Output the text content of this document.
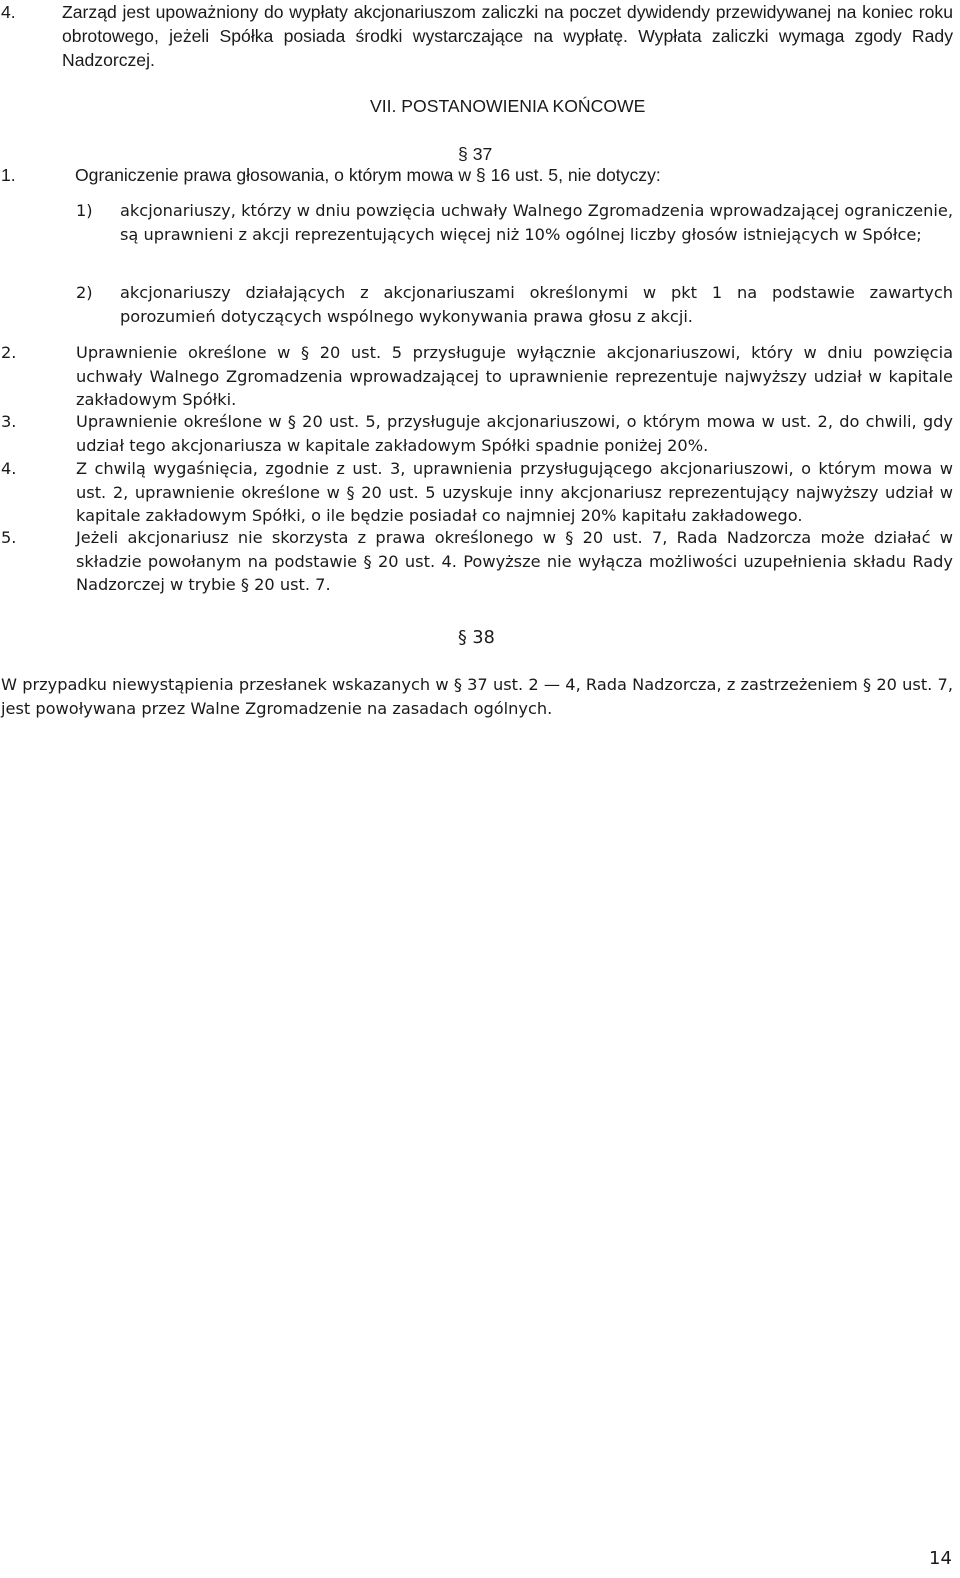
4.	Zarząd jest upoważniony do wypłaty akcjonariuszom zaliczki na poczet dywidendy przewidywanej na koniec roku obrotowego, jeżeli Spółka posiada środki wystarczające na wypłatę. Wypłata zaliczki wymaga zgody Rady Nadzorczej.

VII. POSTANOWIENIA KOŃCOWE
§ 37
1.	Ograniczenie prawa głosowania, o którym mowa w § 16 ust. 5, nie dotyczy:

1) akcjonariuszy, którzy w dniu powzięcia uchwały Walnego Zgromadzenia wprowadzającej ograniczenie, są uprawnieni z akcji reprezentujących więcej niż 10% ogólnej liczby głosów istniejących w Spółce;

2) akcjonariuszy działających z akcjonariuszami określonymi w pkt 1 na podstawie zawartych porozumień dotyczących wspólnego wykonywania prawa głosu z akcji.

2.	Uprawnienie określone w § 20 ust. 5 przysługuje wyłącznie akcjonariuszowi, który w dniu powzięcia uchwały Walnego Zgromadzenia wprowadzającej to uprawnienie reprezentuje najwyższy udział w kapitale zakładowym Spółki.

3.	Uprawnienie określone w § 20 ust. 5, przysługuje akcjonariuszowi, o którym mowa w ust. 2, do chwili, gdy udział tego akcjonariusza w kapitale zakładowym Spółki spadnie poniżej 20%.

4.	Z chwilą wygaśnięcia, zgodnie z ust. 3, uprawnienia przysługującego akcjonariuszowi, o którym mowa w ust. 2, uprawnienie określone w § 20 ust. 5 uzyskuje inny akcjonariusz reprezentujący najwyższy udział w kapitale zakładowym Spółki, o ile będzie posiadał co najmniej 20% kapitału zakładowego.

5.	Jeżeli akcjonariusz nie skorzysta z prawa określonego w § 20 ust. 7, Rada Nadzorcza może działać w składzie powołanym na podstawie § 20 ust. 4. Powyższe nie wyłącza możliwości uzupełnienia składu Rady Nadzorczej w trybie § 20 ust. 7.

§ 38

W przypadku niewystąpienia przesłanek wskazanych w § 37 ust. 2 — 4, Rada Nadzorcza, z zastrzeżeniem § 20 ust. 7, jest powoływana przez Walne Zgromadzenie na zasadach ogólnych.

14
